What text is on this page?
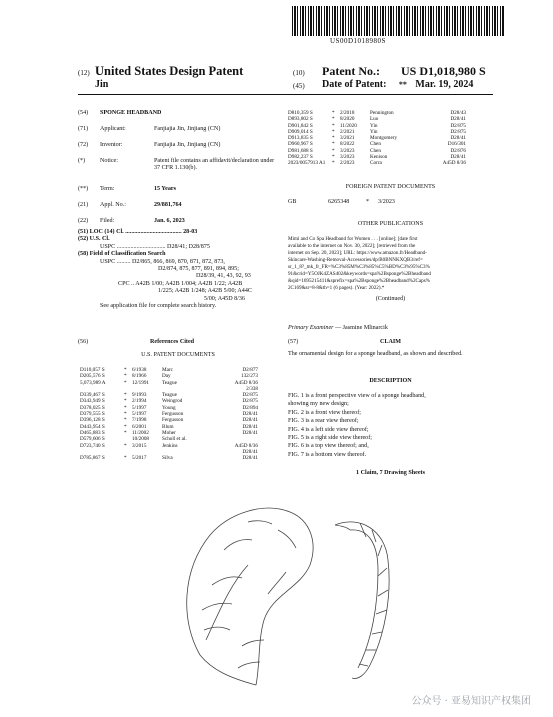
US00D1018980S
(12) United States Design Patent
Jin
(10) Patent No.: US D1,018,980 S
(45) Date of Patent: ** Mar. 19, 2024
(54) SPONGE HEADBAND
(71) Applicant:	Fanjiajia Jin, Jinjiang (CN)
(72) Inventor:	Fanjiajia Jin, Jinjiang (CN)
(*) Notice:	Patent file contains an affidavit/declaration under 37 CFR 1.130(b).
(**) Term:	15 Years
(21) Appl. No.:	29/881,764
(22) Filed:	Jan. 6, 2023
(51) LOC (14) Cl. ..................................... 28-03
(52) U.S. Cl.
USPC ................................ D28/41; D28/875
(58) Field of Classification Search
USPC ......... D2/865, 866, 869, 870, 871, 872, 873,
D2/874, 875, 877, 891, 894, 895;
D28/39, 41, 43, 92, 93
CPC .. A42B 1/00; A42B 1/004; A42B 1/22; A42B
1/225; A42B 1/248; A42B 5/00; A44C
5/00; A45D 8/36
See application file for complete search history.
(56)	References Cited
U.S. PATENT DOCUMENTS
D110,057 S	*	6/1938	Marc	D2/877
D205,576 S	*	8/1966	Day	132/273
5,073,989 A	*	12/1991	Teague	A45D 8/36
2/338
D339,467 S	*	9/1993	Teague	D2/875
D343,949 S	*	2/1994	Weingrod	D2/875
D378,025 S	*	5/1997	Young	D2/894
D379,555 S	*	5/1997	Fergusson	D28/41
D396,128 S	*	7/1998	Fergusson	D28/41
D443,954 S	*	6/2001	Blum	D28/41
D465,883 S	*	11/2002	Moher	D28/41
D579,606 S	10/2008	Scholl et al.
D723,740 S	*	3/2015	Jenkins	A45D 8/36
D28/41
D785,867 S	*	5/2017	Silva	D28/41
D810,359 S	*	2/2018	Pennington	D28/43
D893,802 S	*	8/2020	Luo	D28/41
D901,842 S	*	11/2020	Yin	D2/875
D909,014 S	*	2/2021	Yin	D2/875
D913,835 S	*	3/2021	Montgomery	D28/41
D960,967 S	*	8/2022	Chen	D16/301
D981,688 S	*	3/2023	Chen	D2/876
D982,237 S	*	3/2023	Kenison	D28/41
2023/0057913 A1	*	2/2023	Corra	A45D 8/36
FOREIGN PATENT DOCUMENTS
GB	6265348	* 3/2023
OTHER PUBLICATIONS
Mimi and Co Spa Headband for Women . . . [online]; [date first
available to the internet on Nov. 30, 2022]; [retrieved from the
internet on Sep. 20, 2023]; URL: https://www.amazon.fr/Headband-
Skincare-Washing-Removal-Accessories/dp/B0BNNKXQB3/ref=
sr_1_8?_mk_fr_FR=%C3%85M%C3%85%C5%BD%C3%95%C3%
91&crid=Y5OJK4ZAS402&keywords=spa%2Bsponge%2Bheadband
&qid=1695215411&sprefix=spa%2Bsponge%2Bheadband%2Caps%
2C169&sr=8-8&th=1 (6 pages). (Year: 2022).*
(Continued)
Primary Examiner — Jasmine Mlinarcik
(57)	CLAIM
The ornamental design for a sponge headband, as shown and described.
DESCRIPTION
FIG. 1 is a front perspective view of a sponge headband,
showing my new design;
FIG. 2 is a front view thereof;
FIG. 3 is a rear view thereof;
FIG. 4 is a left side view thereof;
FIG. 5 is a right side view thereof;
FIG. 6 is a top view thereof; and,
FIG. 7 is a bottom view thereof.
1 Claim, 7 Drawing Sheets
公众号 · 亚易知识产权集团
